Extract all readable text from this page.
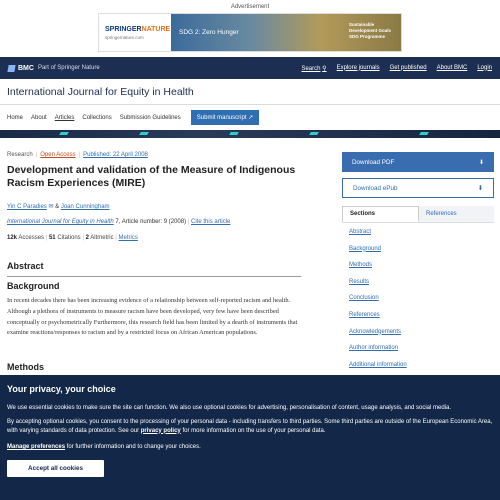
Advertisement
SPRINGERNATURE
springernature.com
SDG 2: Zero Hunger
Sustainable Development Goals SDG Programme
BMC Part of Springer Nature	Search ⚲ Explore journals Get published About BMC Login
International Journal for Equity in Health
Home About Articles Collections Submission Guidelines	Submit manuscript ↗
Research | Open Access | Published: 22 April 2008
Development and validation of the Measure of Indigenous Racism Experiences (MIRE)
Yin C Paradies ✉ & Joan Cunningham
International Journal for Equity in Health 7, Article number: 9 (2008) | Cite this article
12k Accesses | 51 Citations | 2 Altmetric | Metrics
Abstract
Background

In recent decades there has been increasing evidence of a relationship between self-reported racism and health. Although a plethora of instruments to measure racism have been developed, very few have been described conceptually or psychometrically Furthermore, this research field has been limited by a dearth of instruments that examine reactions/responses to racism and by a restricted focus on African American populations.

Methods
Download PDF	⬇
Download ePub	⬇
Sections	References
Abstract
Background
Methods
Results
Conclusion
References
Acknowledgements
Author information
Additional information
Your privacy, your choice

We use essential cookies to make sure the site can function. We also use optional cookies for advertising, personalisation of content, usage analysis, and social media.

By accepting optional cookies, you consent to the processing of your personal data - including transfers to third parties. Some third parties are outside of the European Economic Area, with varying standards of data protection. See our privacy policy for more information on the use of your personal data.

Manage preferences for further information and to change your choices.
Accept all cookies
